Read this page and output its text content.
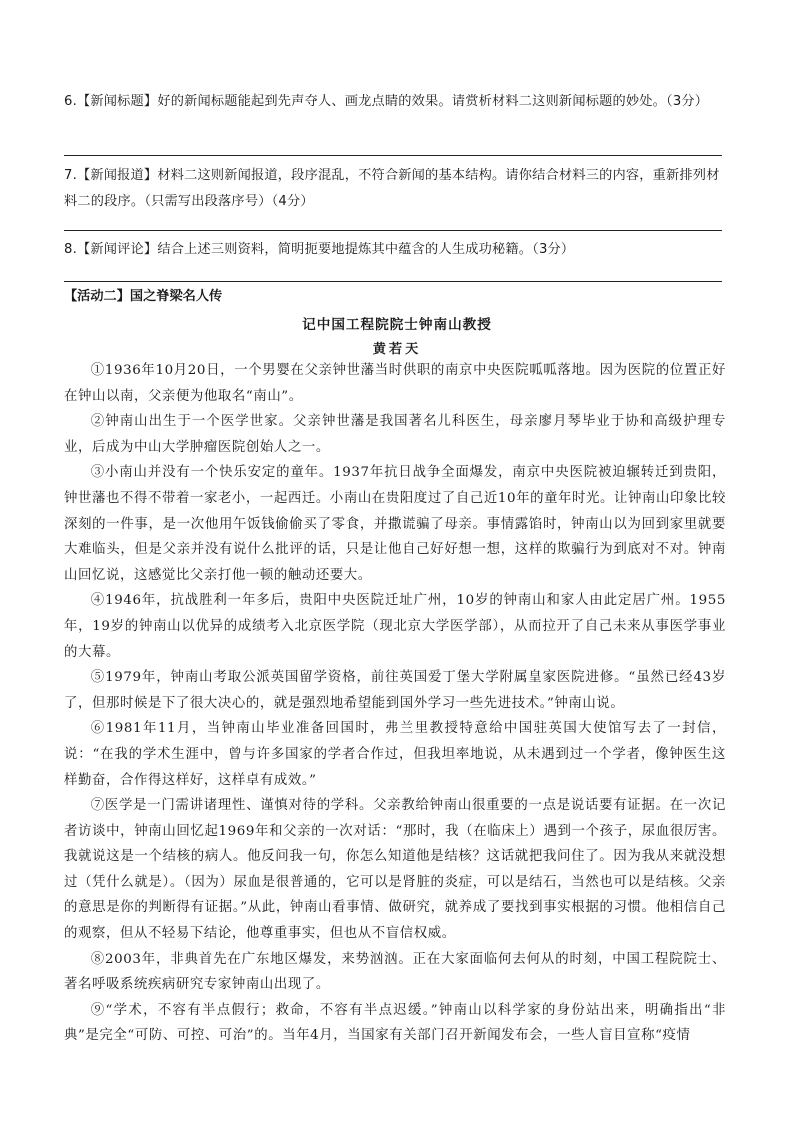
6.【新闻标题】好的新闻标题能起到先声夺人、画龙点睛的效果。请赏析材料二这则新闻标题的妙处。（3分）
7.【新闻报道】材料二这则新闻报道，段序混乱，不符合新闻的基本结构。请你结合材料三的内容，重新排列材料二的段序。（只需写出段落序号）（4分）
8.【新闻评论】结合上述三则资料，简明扼要地提炼其中蕴含的人生成功秘籍。（3分）
【活动二】国之脊梁名人传
记中国工程院院士钟南山教授
黄若天

①1936年10月20日，一个男婴在父亲钟世藩当时供职的南京中央医院呱呱落地。因为医院的位置正好在钟山以南，父亲便为他取名“南山”。

②钟南山出生于一个医学世家。父亲钟世藩是我国著名儿科医生，母亲廖月琴毕业于协和高级护理专业，后成为中山大学肿瘤医院创始人之一。

③小南山并没有一个快乐安定的童年。1937年抗日战争全面爆发，南京中央医院被迫辗转迁到贵阳，钟世藩也不得不带着一家老小，一起西迁。小南山在贵阳度过了自己近10年的童年时光。让钟南山印象比较深刻的一件事，是一次他用午饭钱偷偷买了零食，并撒谎骗了母亲。事情露馅时，钟南山以为回到家里就要大难临头，但是父亲并没有说什么批评的话，只是让他自己好好想一想，这样的欺骗行为到底对不对。钟南山回忆说，这感觉比父亲打他一顿的触动还要大。

④1946年，抗战胜利一年多后，贵阳中央医院迁址广州，10岁的钟南山和家人由此定居广州。1955年，19岁的钟南山以优异的成绩考入北京医学院（现北京大学医学部），从而拉开了自己未来从事医学事业的大幕。

⑤1979年，钟南山考取公派英国留学资格，前往英国爱丁堡大学附属皇家医院进修。“虽然已经43岁了，但那时候是下了很大决心的，就是强烈地希望能到国外学习一些先进技术。”钟南山说。

⑥1981年11月，当钟南山毕业准备回国时，弗兰里教授特意给中国驻英国大使馆写去了一封信，说：“在我的学术生涯中，曾与许多国家的学者合作过，但我坦率地说，从未遇到过一个学者，像钟医生这样勤奋，合作得这样好，这样卓有成效。”

⑦医学是一门需讲诸理性、谨慎对待的学科。父亲教给钟南山很重要的一点是说话要有证据。在一次记者访谈中，钟南山回忆起1969年和父亲的一次对话：“那时，我（在临床上）遇到一个孩子，尿血很厉害。我就说这是一个结核的病人。他反问我一句，你怎么知道他是结核？这话就把我问住了。因为我从来就没想过（凭什么就是）。（因为）尿血是很普通的，它可以是肾脏的炎症，可以是结石，当然也可以是结核。父亲的意思是你的判断得有证据。”从此，钟南山看事情、做研究，就养成了要找到事实根据的习惯。他相信自己的观察，但从不轻易下结论，他尊重事实，但也从不盲信权威。

⑧2003年，非典首先在广东地区爆发，来势汹汹。正在大家面临何去何从的时刻，中国工程院院士、著名呼吸系统疾病研究专家钟南山出现了。

⑨“学术，不容有半点假行；救命，不容有半点迟缓。”钟南山以科学家的身份站出来，明确指出“非典”是完全“可防、可控、可治”的。当年4月，当国家有关部门召开新闻发布会，一些人盲目宣称“疫情
